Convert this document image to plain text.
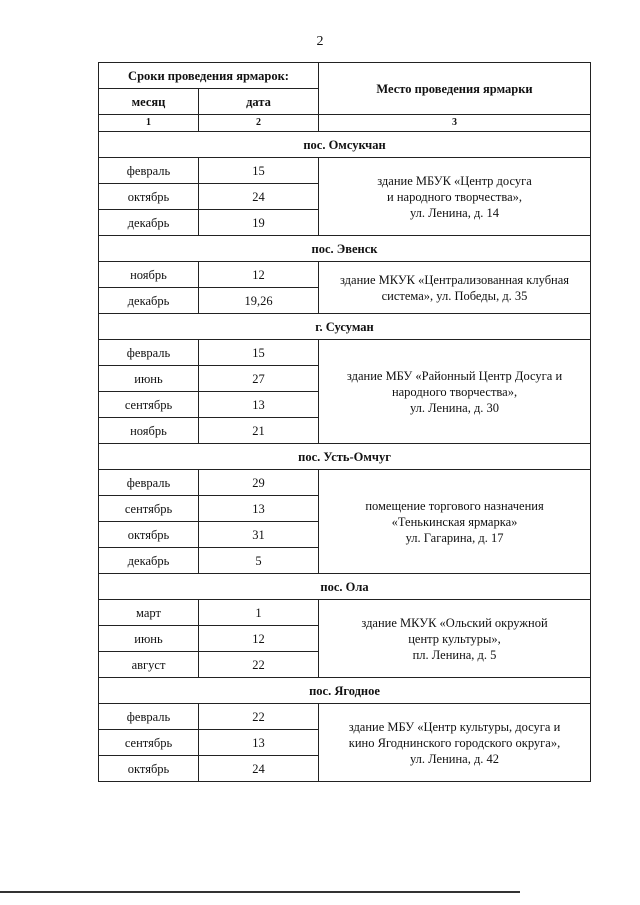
2
Сроки проведения ярмарок:		Место проведения ярмарки
месяц	дата	
1	2	3
пос. Омсукчан		
февраль	15	здание МБУК «Центр досуга
и народного творчества»,
ул. Ленина, д. 14

октябрь	24	
декабрь	19	
пос. Эвенск		
ноябрь	12	здание МКУК «Централизованная клубная
система», ул. Победы, д. 35

декабрь	19,26	
г. Сусуман		
февраль	15	здание МБУ «Районный Центр Досуга и
народного творчества»,
ул. Ленина, д. 30

июнь	27	
сентябрь	13	
ноябрь	21	
пос. Усть-Омчуг		
февраль	29	помещение торгового назначения
«Тенькинская ярмарка»
ул. Гагарина, д. 17

сентябрь	13	
октябрь	31	
декабрь	5	
пос. Ола		
март	1	здание МКУК «Ольский окружной
центр культуры»,
пл. Ленина, д. 5

июнь	12	
август	22	
пос. Ягодное		
февраль	22	здание МБУ «Центр культуры, досуга и
кино Ягоднинского городского округа»,
ул. Ленина, д. 42

сентябрь	13	
октябрь	24	
